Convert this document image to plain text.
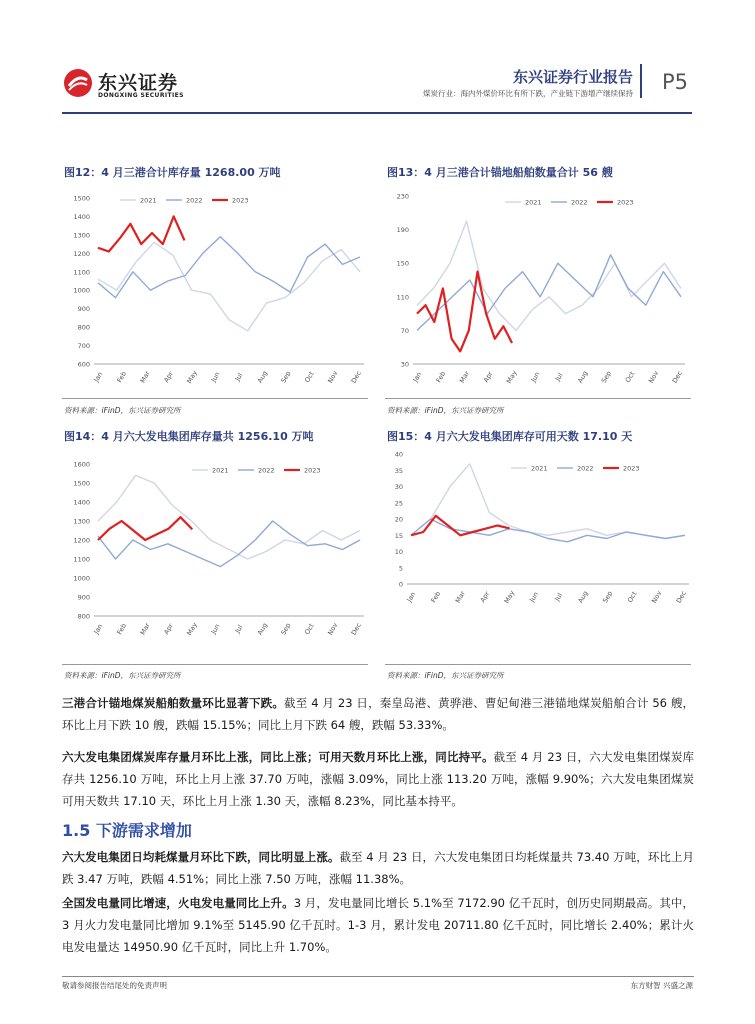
东兴证券
DONGXING SECURITIES
东兴证券行业报告
煤炭行业：海内外煤价环比有所下跌，产业链下游增产继续保持 P5
图12：4 月三港合计库存量 1268.00 万吨	图13：4 月三港合计锚地船舶数量合计 56 艘
图14：4 月六大发电集团库存量共 1256.10 万吨	图15：4 月六大发电集团库存可用天数 17.10 天
1500
1400
1300
1200
1100
1000
900
800
700
600
Jan Feb Mar Apr May Jun Jul Aug Sep Oct Nov Dec
2021	2022	2023	230
190
150
110
70
30
Jan Feb Mar Apr May Jun Jul Aug Sep Oct Nov Dec
2021	2022	2023
1600
1500
1400
1300
1200
1100
1000
900
800
Jan Feb Mar Apr May Jun Jul Aug Sep Oct Nov Dec
2021	2022	2023
40
35
30
25
20
15
10
5
0
Jan Feb Mar Apr May Jun Jul Aug Sep Oct Nov Dec
2021	2022	2023
资料来源：iFinD，东兴证券研究所	资料来源：iFinD，东兴证券研究所
资料来源：iFinD，东兴证券研究所	资料来源：iFinD，东兴证券研究所
三港合计锚地煤炭船舶数量环比显著下跌。截至 4 月 23 日，秦皇岛港、黄骅港、曹妃甸港三港锚地煤炭船舶合计 56 艘，环比上月下跌 10 艘，跌幅 15.15%；同比上月下跌 64 艘，跌幅 53.33%。
六大发电集团煤炭库存量月环比上涨，同比上涨；可用天数月环比上涨，同比持平。截至 4 月 23 日，六大发电集团煤炭库存共 1256.10 万吨，环比上月上涨 37.70 万吨，涨幅 3.09%，同比上涨 113.20 万吨，涨幅 9.90%；六大发电集团煤炭可用天数共 17.10 天，环比上月上涨 1.30 天，涨幅 8.23%，同比基本持平。
1.5 下游需求增加
六大发电集团日均耗煤量月环比下跌，同比明显上涨。截至 4 月 23 日，六大发电集团日均耗煤量共 73.40 万吨，环比上月跌 3.47 万吨，跌幅 4.51%；同比上涨 7.50 万吨，涨幅 11.38%。
全国发电量同比增速，火电发电量同比上升。3 月，发电量同比增长 5.1%至 7172.90 亿千瓦时，创历史同期最高。其中，3 月火力发电量同比增加 9.1%至 5145.90 亿千瓦时。1-3 月，累计发电 20711.80 亿千瓦时，同比增长 2.40%；累计火电发电量达 14950.90 亿千瓦时，同比上升 1.70%。
敬请参阅报告结尾处的免责声明	东方财智 兴盛之源
